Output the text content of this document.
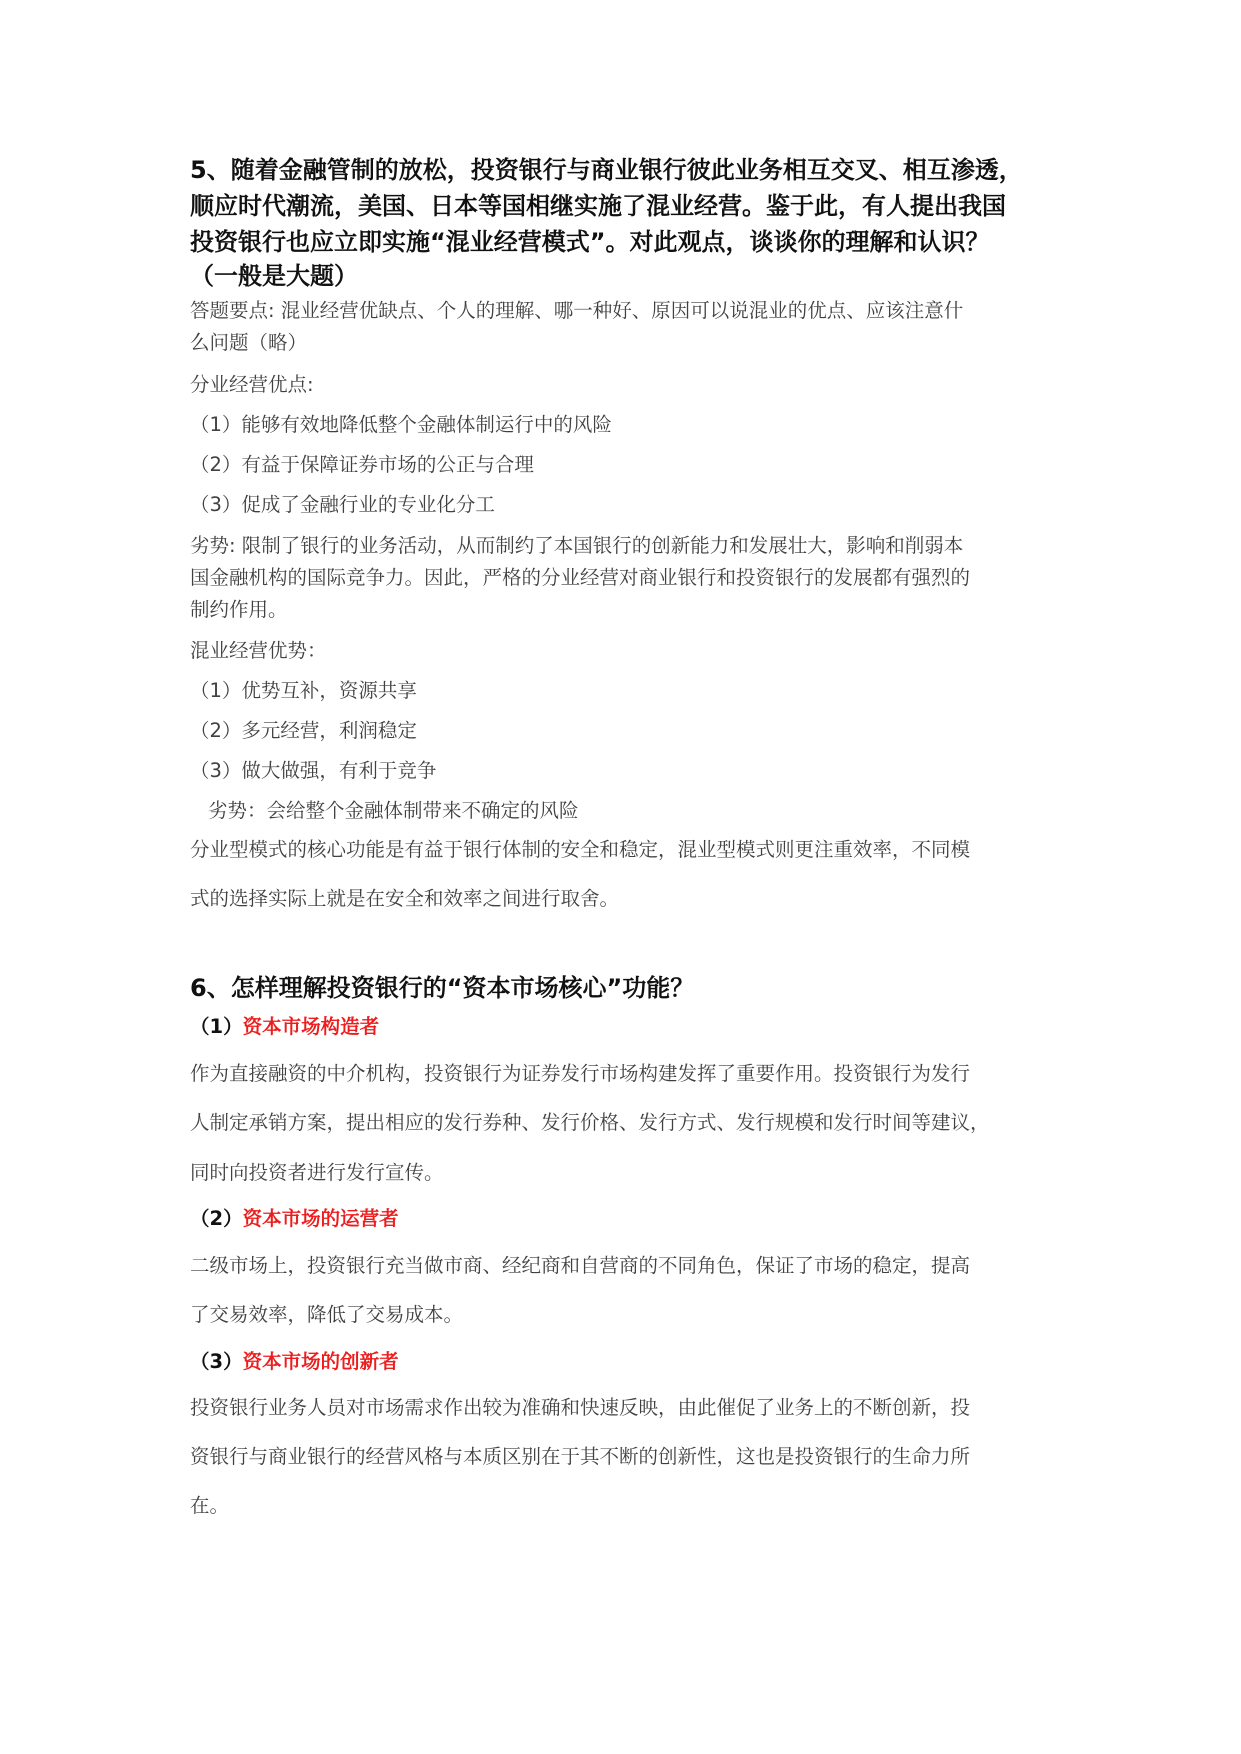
5、随着金融管制的放松，投资银行与商业银行彼此业务相互交叉、相互渗透，
顺应时代潮流，美国、日本等国相继实施了混业经营。鉴于此，有人提出我国
投资银行也应立即实施“混业经营模式”。对此观点，谈谈你的理解和认识？
（一般是大题）
答题要点: 混业经营优缺点、个人的理解、哪一种好、原因可以说混业的优点、应该注意什
么问题（略）
分业经营优点:
（1）能够有效地降低整个金融体制运行中的风险
（2）有益于保障证券市场的公正与合理
（3）促成了金融行业的专业化分工
劣势: 限制了银行的业务活动，从而制约了本国银行的创新能力和发展壮大，影响和削弱本
国金融机构的国际竞争力。因此，严格的分业经营对商业银行和投资银行的发展都有强烈的
制约作用。
混业经营优势：
（1）优势互补，资源共享
（2）多元经营，利润稳定
（3）做大做强，有利于竞争
劣势：会给整个金融体制带来不确定的风险
分业型模式的核心功能是有益于银行体制的安全和稳定，混业型模式则更注重效率，不同模
式的选择实际上就是在安全和效率之间进行取舍。
6、怎样理解投资银行的“资本市场核心”功能？
（1）资本市场构造者
作为直接融资的中介机构，投资银行为证券发行市场构建发挥了重要作用。投资银行为发行
人制定承销方案，提出相应的发行券种、发行价格、发行方式、发行规模和发行时间等建议，
同时向投资者进行发行宣传。
（2）资本市场的运营者
二级市场上，投资银行充当做市商、经纪商和自营商的不同角色，保证了市场的稳定，提高
了交易效率，降低了交易成本。
（3）资本市场的创新者
投资银行业务人员对市场需求作出较为准确和快速反映，由此催促了业务上的不断创新，投
资银行与商业银行的经营风格与本质区别在于其不断的创新性，这也是投资银行的生命力所
在。
